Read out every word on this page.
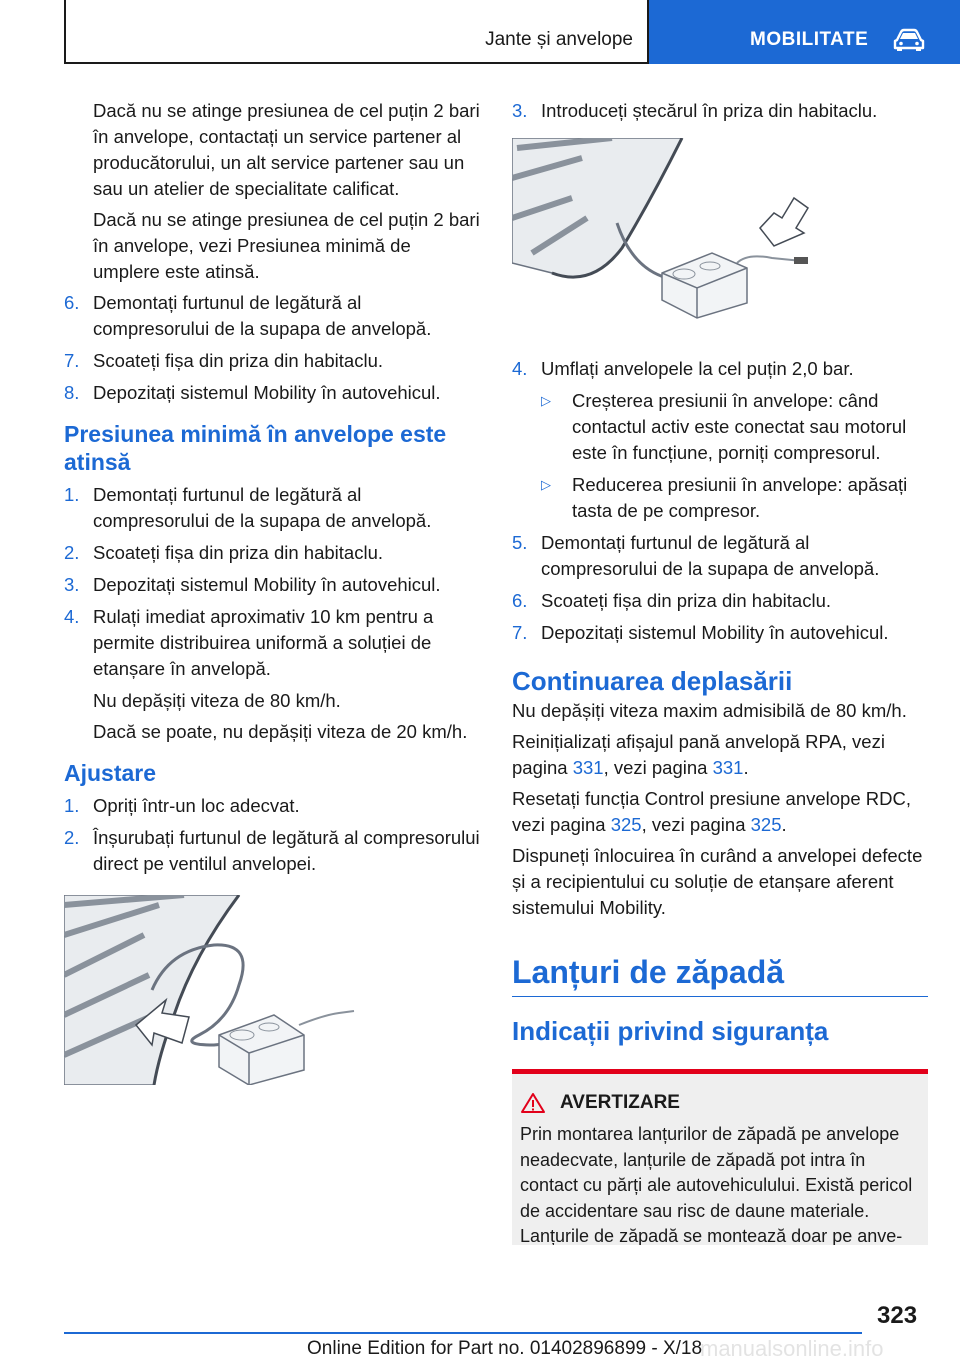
Jante și anvelope	MOBILITATE

Dacă nu se atinge presiunea de cel puțin 2 bari în anvelope, contactați un service partener al producătorului, un alt service partener sau un sau un atelier de specialitate calificat.

Dacă nu se atinge presiunea de cel puțin 2 bari în anvelope, vezi Presiunea minimă de umplere este atinsă.

6. Demontați furtunul de legătură al compresorului de la supapa de anvelopă.
7. Scoateți fișa din priza din habitaclu.
8. Depozitați sistemul Mobility în autovehicul.
Presiunea minimă în anvelope este atinsă
1. Demontați furtunul de legătură al compresorului de la supapa de anvelopă.
2. Scoateți fișa din priza din habitaclu.
3. Depozitați sistemul Mobility în autovehicul.
4. Rulați imediat aproximativ 10 km pentru a permite distribuirea uniformă a soluției de etanșare în anvelopă.

Nu depășiți viteza de 80 km/h.

Dacă se poate, nu depășiți viteza de 20 km/h.

Ajustare
1. Opriți într-un loc adecvat.
2. Înșurubați furtunul de legătură al compresorului direct pe ventilul anvelopei.
3. Introduceți ștecărul în priza din habitaclu.
4. Umflați anvelopele la cel puțin 2,0 bar.
▷	Creșterea presiunii în anvelope: când contactul activ este conectat sau motorul este în funcțiune, porniți compresorul.
▷	Reducerea presiunii în anvelope: apăsați tasta de pe compresor.
5. Demontați furtunul de legătură al compresorului de la supapa de anvelopă.
6. Scoateți fișa din priza din habitaclu.
7. Depozitați sistemul Mobility în autovehicul.
Continuarea deplasării

Nu depășiți viteza maxim admisibilă de 80 km/h.

Reinițializați afișajul pană anvelopă RPA, vezi pagina 331, vezi pagina 331.

Resetați funcția Control presiune anvelope RDC, vezi pagina 325, vezi pagina 325.

Dispuneți înlocuirea în curând a anvelopei defecte și a recipientului cu soluție de etanșare aferent sistemului Mobility.

Lanțuri de zăpadă
Indicații privind siguranța
AVERTIZARE

Prin montarea lanțurilor de zăpadă pe anvelope neadecvate, lanțurile de zăpadă pot intra în contact cu părți ale autovehiculului. Există pericol de accidentare sau risc de daune materiale. Lanțurile de zăpadă se montează doar pe anve-

323
Online Edition for Part no. 01402896899 - X/18
manualsonline.info
